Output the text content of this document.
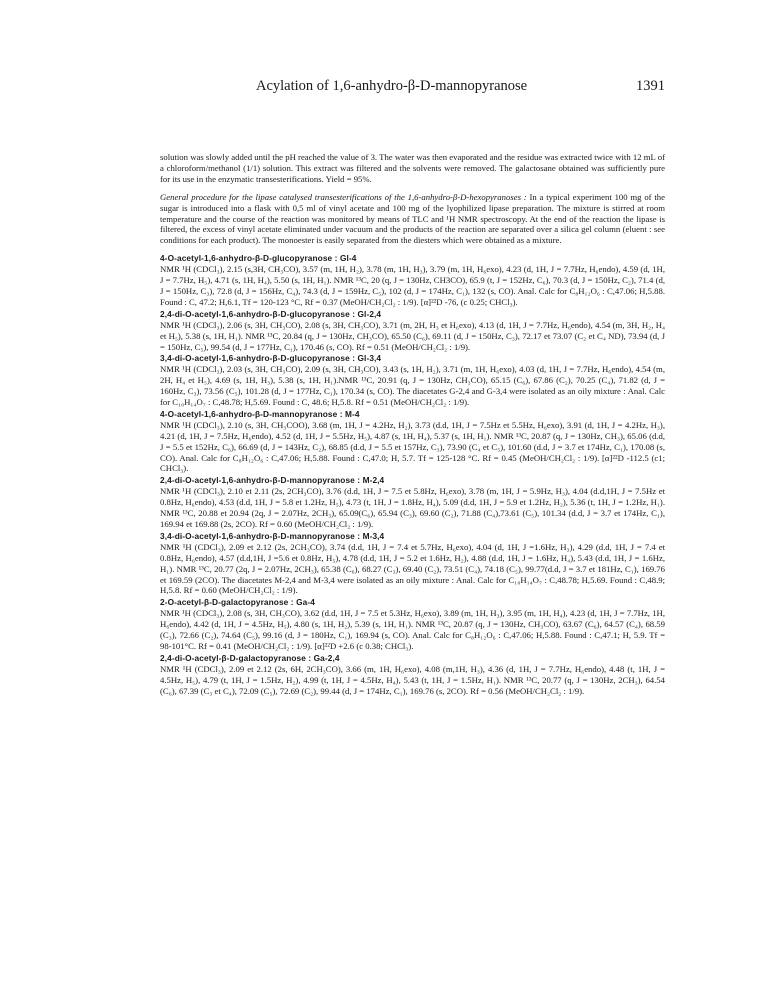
Acylation of 1,6-anhydro-β-D-mannopyranose	1391

solution was slowly added until the pH reached the value of 3. The water was then evaporated and the residue was extracted twice with 12 mL of a chloroform/methanol (1/1) solution. This extract was filtered and the solvents were removed. The galactosane obtained was sufficiently pure for its use in the enzymatic transesterifications. Yield = 95%.

General procedure for the lipase catalysed transesterifications of the 1,6-anhydro-β-D-hexopyranoses : In a typical experiment 100 mg of the sugar is introduced into a flask with 0,5 ml of vinyl acetate and 100 mg of the lyophilized lipase preparation. The mixture is stirred at room temperature and the course of the reaction was monitored by means of TLC and ¹H NMR spectroscopy. At the end of the reaction the lipase is filtered, the excess of vinyl acetate eliminated under vacuum and the products of the reaction are separated over a silica gel column (eluent : see conditions for each product). The monoester is easily separated from the diesters which were obtained as a mixture.

4-O-acetyl-1,6-anhydro-β-D-glucopyranose : Gl-4
NMR ¹H (CDCl₃), 2.15 (s,3H, CH₃CO), 3.57 (m, 1H, H₂), 3.78 (m, 1H, H₃), 3.79 (m, 1H, H₆exo), 4.23 (d, 1H, J = 7.7Hz, H₆endo), 4.59 (d, 1H, J = 7.7Hz, H₅), 4.71 (s, 1H, H₄), 5.50 (s, 1H, H₁). NMR ¹³C, 20 (q, J = 130Hz, CH3CO), 65.9 (t, J = 152Hz, C₆), 70.3 (d, J = 150Hz, C₂), 71.4 (d, J = 150Hz, C₃), 72.8 (d, J = 156Hz, C₄), 74.3 (d, J = 159Hz, C₅), 102 (d, J = 174Hz, C₁), 132 (s, CO). Anal. Calc for C₈H₁₂O₆ : C,47.06; H,5.88. Found : C, 47.2; H,6.1, Tf = 120-123 °C, Rf = 0.37 (MeOH/CH₂Cl₂ : 1/9). [α]²²D -76, (c 0.25; CHCl₃).
2,4-di-O-acetyl-1,6-anhydro-β-D-glucopyranose : Gl-2,4
NMR ¹H (CDCl₃), 2.06 (s, 3H, CH₃CO), 2.08 (s, 3H, CH₃CO), 3.71 (m, 2H, H₃ et H₆exo), 4.13 (d, 1H, J = 7.7Hz, H₆endo), 4.54 (m, 3H, H₂, H₄ et H₅), 5.38 (s, 1H, H₁). NMR ¹³C, 20.84 (q, J = 130Hz, CH₃CO), 65.50 (C₆), 69.11 (d, J = 150Hz, C₃), 72.17 et 73.07 (C₂ et C₄ ND), 73.94 (d, J = 150Hz, C₅), 99.54 (d, J = 177Hz, C₁), 170.46 (s, CO). Rf = 0.51 (MeOH/CH₂Cl₂ : 1/9).
3,4-di-O-acetyl-1,6-anhydro-β-D-glucopyranose : Gl-3,4
NMR ¹H (CDCl₃), 2.03 (s, 3H, CH₃CO), 2.09 (s, 3H, CH₃CO), 3.43 (s, 1H, H₂), 3.71 (m, 1H, H₆exo), 4.03 (d, 1H, J = 7.7Hz, H₆endo), 4.54 (m, 2H, H₄ et H₅), 4.69 (s, 1H, H₃), 5.38 (s, 1H, H₁).NMR ¹³C, 20.91 (q, J = 130Hz, CH₃CO), 65.15 (C₆), 67.86 (C₂), 70.25 (C₄), 71.82 (d, J = 160Hz, C₃), 73.56 (C₅), 101.28 (d, J = 177Hz, C₁), 170.34 (s, CO). The diacetates G-2,4 and G-3,4 were isolated as an oily mixture : Anal. Calc for C₁₀H₁₄O₇ : C,48.78; H,5.69. Found : C, 48.6; H,5.8. Rf = 0.51 (MeOH/CH₂Cl₂ : 1/9).
4-O-acetyl-1,6-anhydro-β-D-mannopyranose : M-4
NMR ¹H (CDCl₃), 2.10 (s, 3H, CH₃COO), 3.68 (m, 1H, J = 4.2Hz, H₂), 3.73 (d.d, 1H, J = 7.5Hz et 5.5Hz, H₆exo), 3.91 (d, 1H, J = 4.2Hz, H₃), 4.21 (d, 1H, J = 7.5Hz, H₆endo), 4.52 (d, 1H, J = 5.5Hz, H₅), 4.87 (s, 1H, H₄), 5.37 (s, 1H, H₁). NMR ¹³C, 20.87 (q, J = 130Hz, CH₃), 65.06 (d.d, J = 5.5 et 152Hz, C₆), 66.69 (d, J = 143Hz, C₂), 68.85 (d.d, J = 5.5 et 157Hz, C₃), 73.90 (C₄ et C₅), 101.60 (d.d, J = 3.7 et 174Hz, C₁), 170.08 (s, CO). Anal. Calc for C₈H₁₂O₆ : C,47.06; H,5.88. Found : C,47.0; H, 5.7. Tf = 125-128 °C. Rf = 0.45 (MeOH/CH₂Cl₂ : 1/9). [α]²²D -112.5 (c1; CHCl₃).
2,4-di-O-acetyl-1,6-anhydro-β-D-mannopyranose : M-2,4
NMR ¹H (CDCl₃), 2.10 et 2.11 (2s, 2CH₃CO), 3.76 (d.d, 1H, J = 7.5 et 5.8Hz, H₆exo), 3.78 (m, 1H, J = 5.9Hz, H₃), 4.04 (d.d,1H, J = 7.5Hz et 0.8Hz, H₆endo), 4.53 (d.d, 1H, J = 5.8 et 1.2Hz, H₅), 4.73 (t, 1H, J = 1.8Hz, H₄), 5.09 (d.d, 1H, J = 5.9 et 1.2Hz, H₂), 5.36 (t, 1H, J = 1.2Hz, H₁). NMR ¹³C, 20.88 et 20.94 (2q, J = 2.07Hz, 2CH₃), 65.09(C₆), 65.94 (C₃), 69.60 (C₂), 71.88 (C₄),73.61 (C₅), 101.34 (d.d, J = 3.7 et 174Hz, C₁), 169.94 et 169.88 (2s, 2CO). Rf = 0.60 (MeOH/CH₂Cl₂ : 1/9).
3,4-di-O-acetyl-1,6-anhydro-β-D-mannopyranose : M-3,4
NMR ¹H (CDCl₃), 2.09 et 2.12 (2s, 2CH₃CO), 3.74 (d.d, 1H, J = 7.4 et 5.7Hz, H₆exo), 4.04 (d, 1H, J =1.6Hz, H₃), 4.29 (d.d, 1H, J = 7.4 et 0.8Hz, H₆endo), 4.57 (d.d,1H, J =5.6 et 0.8Hz, H₅), 4.78 (d.d, 1H, J = 5.2 et 1.6Hz, H₂), 4.88 (d.d, 1H, J = 1.6Hz, H₄), 5.43 (d.d, 1H, J = 1.6Hz, H₁). NMR ¹³C, 20.77 (2q, J = 2.07Hz, 2CH₃), 65.38 (C₆), 68.27 (C₃), 69.40 (C₂), 73.51 (C₄), 74.18 (C₅), 99.77(d.d, J = 3.7 et 181Hz, C₁), 169.76 et 169.59 (2CO). The diacetates M-2,4 and M-3,4 were isolated as an oily mixture : Anal. Calc for C₁₀H₁₄O₇ : C,48.78; H,5.69. Found : C,48.9; H,5.8. Rf = 0.60 (MeOH/CH₂Cl₂ : 1/9).
2-O-acetyl-β-D-galactopyranose : Ga-4
NMR ¹H (CDCl₃), 2.08 (s, 3H, CH₃CO), 3.62 (d.d, 1H, J = 7.5 et 5.3Hz, H₆exo), 3.89 (m, 1H, H₃), 3.95 (m, 1H, H₄), 4.23 (d, 1H, J = 7.7Hz, 1H, H₆endo), 4.42 (d, 1H, J = 4.5Hz, H₅), 4.80 (s, 1H, H₂), 5.39 (s, 1H, H₁). NMR ¹³C, 20.87 (q, J = 130Hz, CH₃CO), 63.67 (C₆), 64.57 (C₄), 68.59 (C₃), 72.66 (C₂), 74.64 (C₅), 99.16 (d, J = 180Hz, C₁), 169.94 (s, CO). Anal. Calc for C₈H₁₂O₆ : C,47.06; H,5.88. Found : C,47.1; H, 5.9. Tf = 98-101°C. Rf = 0.41 (MeOH/CH₂Cl₂ : 1/9). [α]²²D +2.6 (c 0.38; CHCl₃).
2,4-di-O-acetyl-β-D-galactopyranose : Ga-2,4
NMR ¹H (CDCl₃), 2.09 et 2.12 (2s, 6H, 2CH₃CO), 3.66 (m, 1H, H₆exo), 4.08 (m,1H, H₃), 4.36 (d, 1H, J = 7.7Hz, H₆endo), 4.48 (t, 1H, J = 4.5Hz, H₅), 4.79 (t, 1H, J = 1.5Hz, H₂), 4.99 (t, 1H, J = 4.5Hz, H₄), 5.43 (t, 1H, J = 1.5Hz, H₁). NMR ¹³C, 20.77 (q, J = 130Hz, 2CH₃), 64.54 (C₆), 67.39 (C₃ et C₄), 72.09 (C₅), 72.69 (C₂), 99.44 (d, J = 174Hz, C₁), 169.76 (s, 2CO). Rf = 0.56 (MeOH/CH₂Cl₂ : 1/9).
